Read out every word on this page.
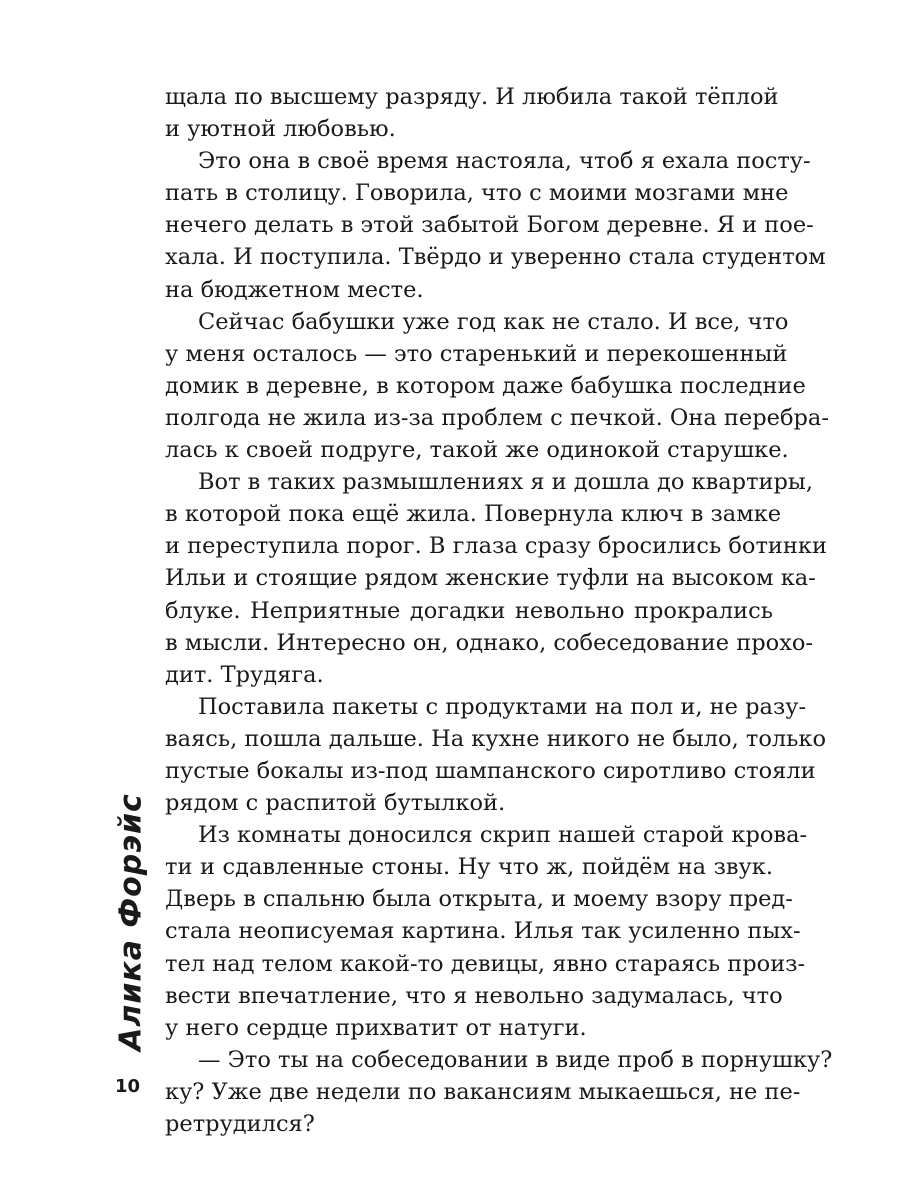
щала по высшему разряду. И любила такой тёплой
и уютной любовью.
Это она в своё время настояла, чтоб я ехала посту-
пать в столицу. Говорила, что с моими мозгами мне
нечего делать в этой забытой Богом деревне. Я и пое-
хала. И поступила. Твёрдо и уверенно стала студентом
на бюджетном месте.
Сейчас бабушки уже год как не стало. И все, что
у меня осталось — это старенький и перекошенный
домик в деревне, в котором даже бабушка последние
полгода не жила из-за проблем с печкой. Она перебра-
лась к своей подруге, такой же одинокой старушке.
Вот в таких размышлениях я и дошла до квартиры,
в которой пока ещё жила. Повернула ключ в замке
и переступила порог. В глаза сразу бросились ботинки
Ильи и стоящие рядом женские туфли на высоком ка-
блуке. Неприятные догадки невольно прокрались
в мысли. Интересно он, однако, собеседование прохо-
дит. Трудяга.
Поставила пакеты с продуктами на пол и, не разу-
ваясь, пошла дальше. На кухне никого не было, только
пустые бокалы из-под шампанского сиротливо стояли
рядом с распитой бутылкой.
Из комнаты доносился скрип нашей старой крова-
ти и сдавленные стоны. Ну что ж, пойдём на звук.
Дверь в спальню была открыта, и моему взору пред-
стала неописуемая картина. Илья так усиленно пых-
тел над телом какой-то девицы, явно стараясь произ-
вести впечатление, что я невольно задумалась, что
у него сердце прихватит от натуги.
— Это ты на собеседовании в виде проб в порнушку?
ку? Уже две недели по вакансиям мыкаешься, не пе-
ретрудился?
Алика Форэйс
10
